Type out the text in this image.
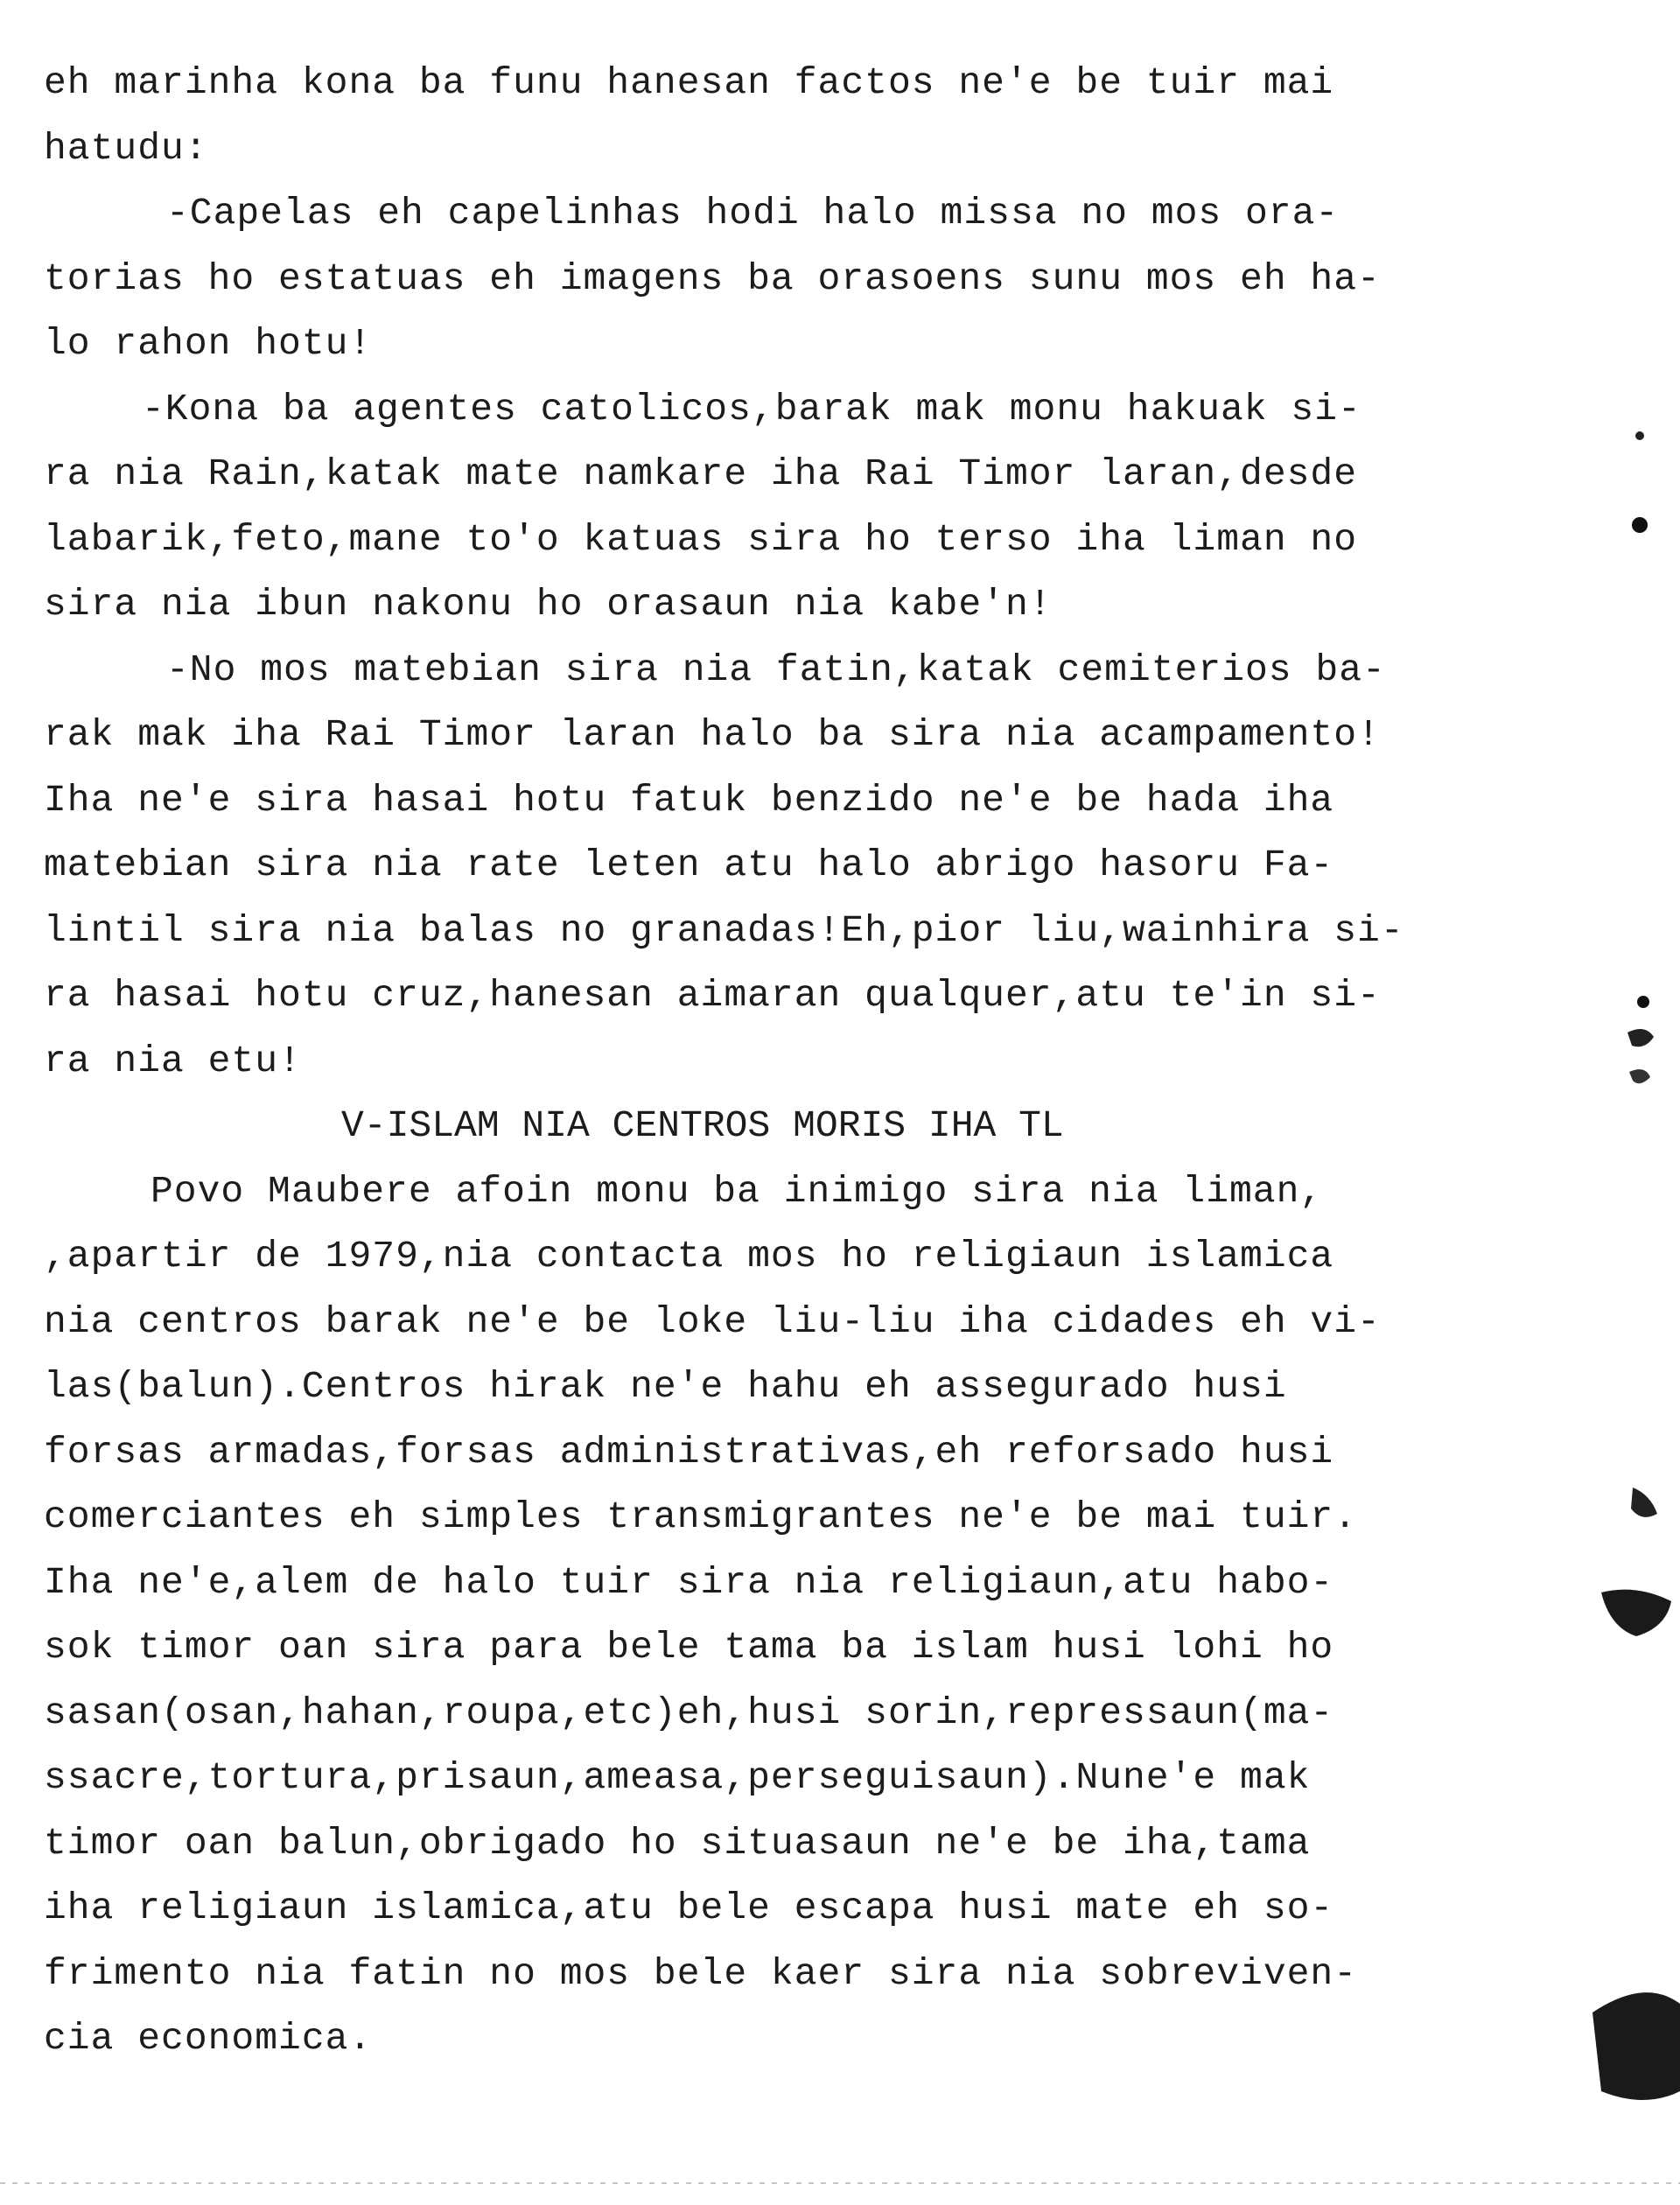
eh marinha kona ba funu hanesan factos ne'e be tuir mai
hatudu:
-Capelas eh capelinhas hodi halo missa no mos ora-
torias ho estatuas eh imagens ba orasoens sunu mos eh ha-
lo rahon hotu!
-Kona ba agentes catolicos,barak mak monu hakuak si-
ra nia Rain,katak mate namkare iha Rai Timor laran,desde
labarik,feto,mane to'o katuas sira ho terso iha liman no
sira nia ibun nakonu ho orasaun nia kabe'n!
-No mos matebian sira nia fatin,katak cemiterios ba-
rak mak iha Rai Timor laran halo ba sira nia acampamento!
Iha ne'e sira hasai hotu fatuk benzido ne'e be hada iha
matebian sira nia rate leten atu halo abrigo hasoru Fa-
lintil sira nia balas no granadas!Eh,pior liu,wainhira si-
ra hasai hotu cruz,hanesan aimaran qualquer,atu te'in si-
ra nia etu!
V-ISLAM NIA CENTROS MORIS IHA TL
Povo Maubere afoin monu ba inimigo sira nia liman,
,apartir de 1979,nia contacta mos ho religiaun islamica
nia centros barak ne'e be loke liu-liu iha cidades eh vi-
las(balun).Centros hirak ne'e hahu eh assegurado husi
forsas armadas,forsas administrativas,eh reforsado husi
comerciantes eh simples transmigrantes ne'e be mai tuir.
Iha ne'e,alem de halo tuir sira nia religiaun,atu habo-
sok timor oan sira para bele tama ba islam husi lohi ho
sasan(osan,hahan,roupa,etc)eh,husi sorin,repressaun(ma-
ssacre,tortura,prisaun,ameasa,perseguisaun).Nune'e mak
timor oan balun,obrigado ho situasaun ne'e be iha,tama
iha religiaun islamica,atu bele escapa husi mate eh so-
frimento nia fatin no mos bele kaer sira nia sobreviven-
cia economica.
